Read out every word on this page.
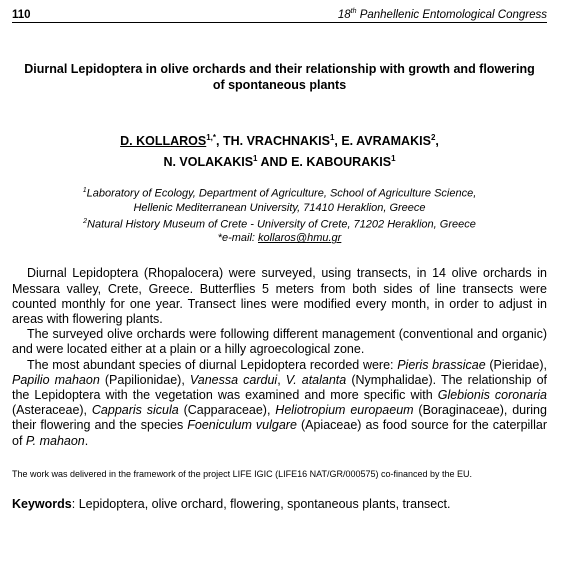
110	18th Panhellenic Entomological Congress
Diurnal Lepidoptera in olive orchards and their relationship with growth and flowering of spontaneous plants
D. $KOLLAROS^{1,*}$, TH. VRACHNAKIS$^1$, E. AVRAMAKIS$^2$,
N. VOLAKAKIS$^1$ AND E. KABOURAKIS$^1$
$^1$Laboratory of Ecology, Department of Agriculture, School of Agriculture Science,
Hellenic Mediterranean University, 71410 Heraklion, Greece
$^2$Natural History Museum of Crete - University of Crete, 71202 Heraklion, Greece
*e-mail: kollaros@hmu.gr

Diurnal Lepidoptera (Rhopalocera) were surveyed, using transects, in 14 olive orchards in Messara valley, Crete, Greece. Butterflies 5 meters from both sides of line transects were counted monthly for one year. Transect lines were modified every month, in order to adjust in areas with flowering plants.

The surveyed olive orchards were following different management (conventional and organic) and were located either at a plain or a hilly agroecological zone.

The most abundant species of diurnal Lepidoptera recorded were: Pieris brassicae (Pieridae), Papilio mahaon (Papilionidae), Vanessa cardui, V. atalanta (Nymphalidae). The relationship of the Lepidoptera with the vegetation was examined and more specific with Glebionis coronaria (Asteraceae), Capparis sicula (Capparaceae), Heliotropium europaeum (Boraginaceae), during their flowering and the species Foeniculum vulgare (Apiaceae) as food source for the caterpillar of P. mahaon.

The work was delivered in the framework of the project LIFE IGIC (LIFE16 NAT/GR/000575) co-financed by the EU.
Keywords: Lepidoptera, olive orchard, flowering, spontaneous plants, transect.
